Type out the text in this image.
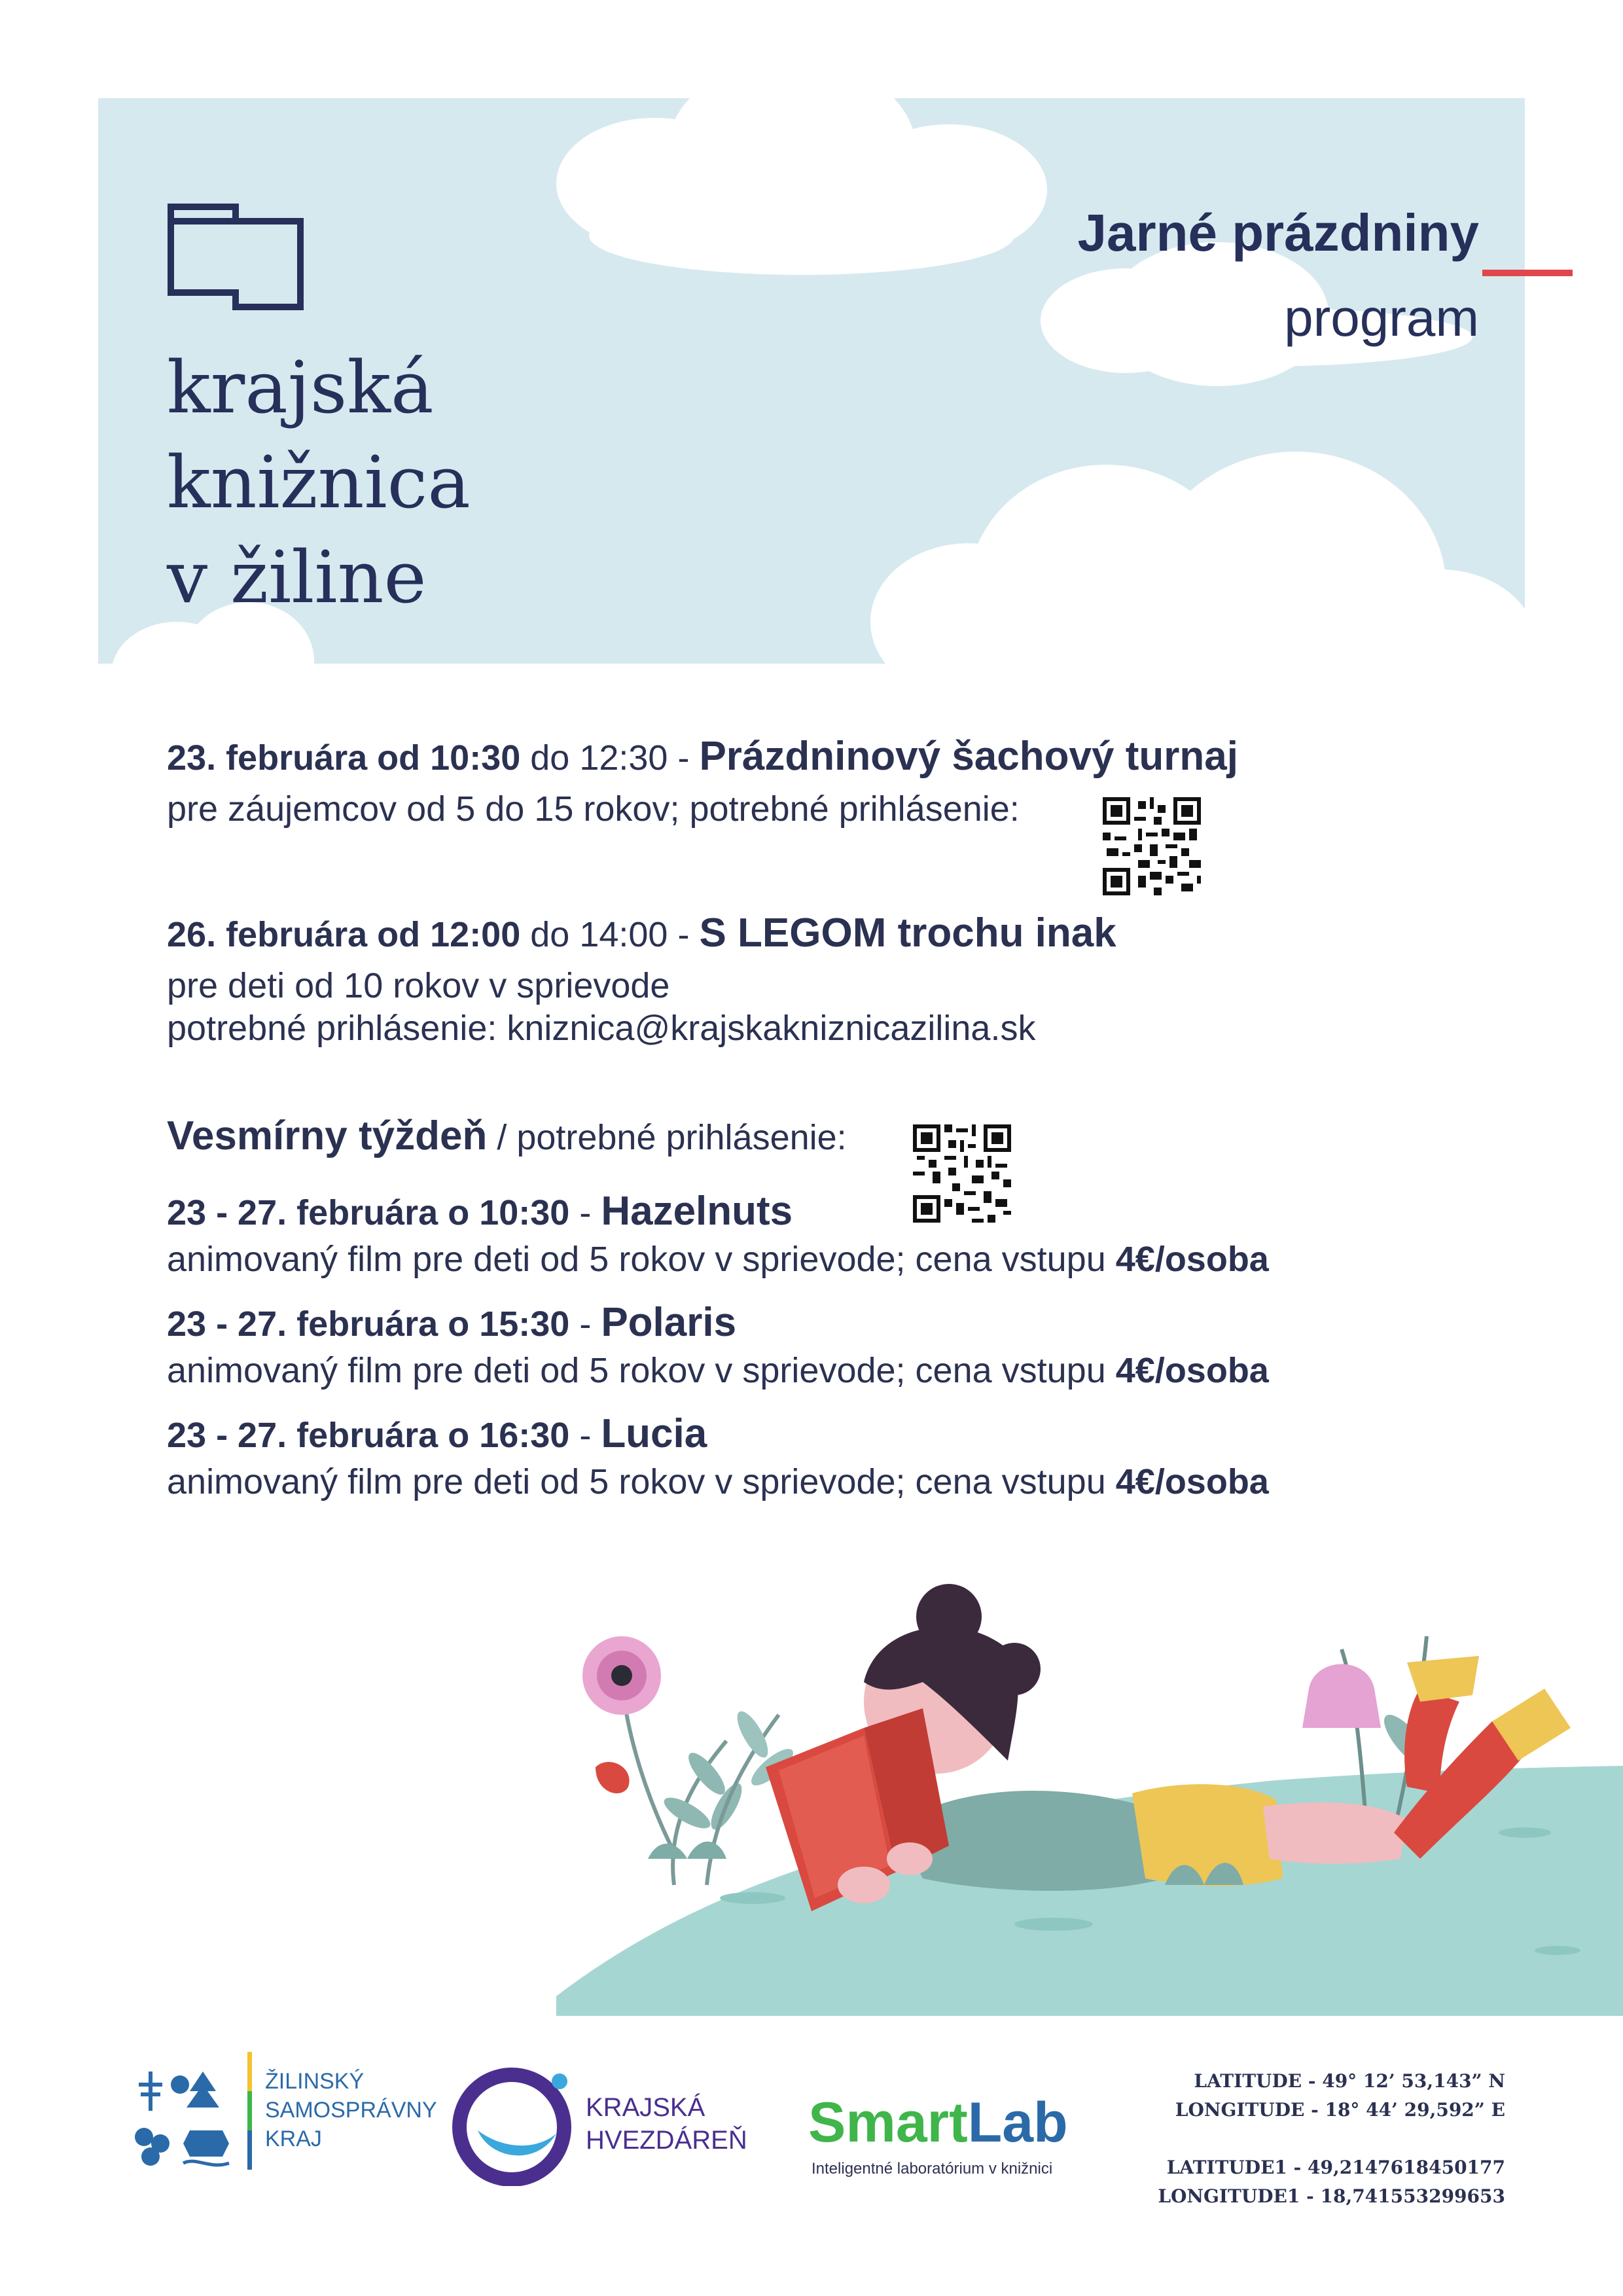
krajská
knižnica
v žiline
Jarné prázdniny
program
23. februára od 10:30 do 12:30 - Prázdninový šachový turnaj
pre záujemcov od 5 do 15 rokov; potrebné prihlásenie:
26. februára od 12:00 do 14:00 - S LEGOM trochu inak
pre deti od 10 rokov v sprievode
potrebné prihlásenie: kniznica@krajskakniznicazilina.sk
Vesmírny týždeň / potrebné prihlásenie:
23 - 27. februára o 10:30 - Hazelnuts
animovaný film pre deti od 5 rokov v sprievode; cena vstupu 4€/osoba
23 - 27. februára o 15:30 - Polaris
animovaný film pre deti od 5 rokov v sprievode; cena vstupu 4€/osoba
23 - 27. februára o 16:30 - Lucia
animovaný film pre deti od 5 rokov v sprievode; cena vstupu 4€/osoba
ŽILINSKÝ
SAMOSPRÁVNY
KRAJ
KRAJSKÁ
HVEZDÁREŇ SmartLab
Inteligentné laboratórium v knižnici
LATITUDE - 49° 12’ 53,143” N
LONGITUDE - 18° 44’ 29,592” E
LATITUDE1 - 49,2147618450177
LONGITUDE1 - 18,741553299653
